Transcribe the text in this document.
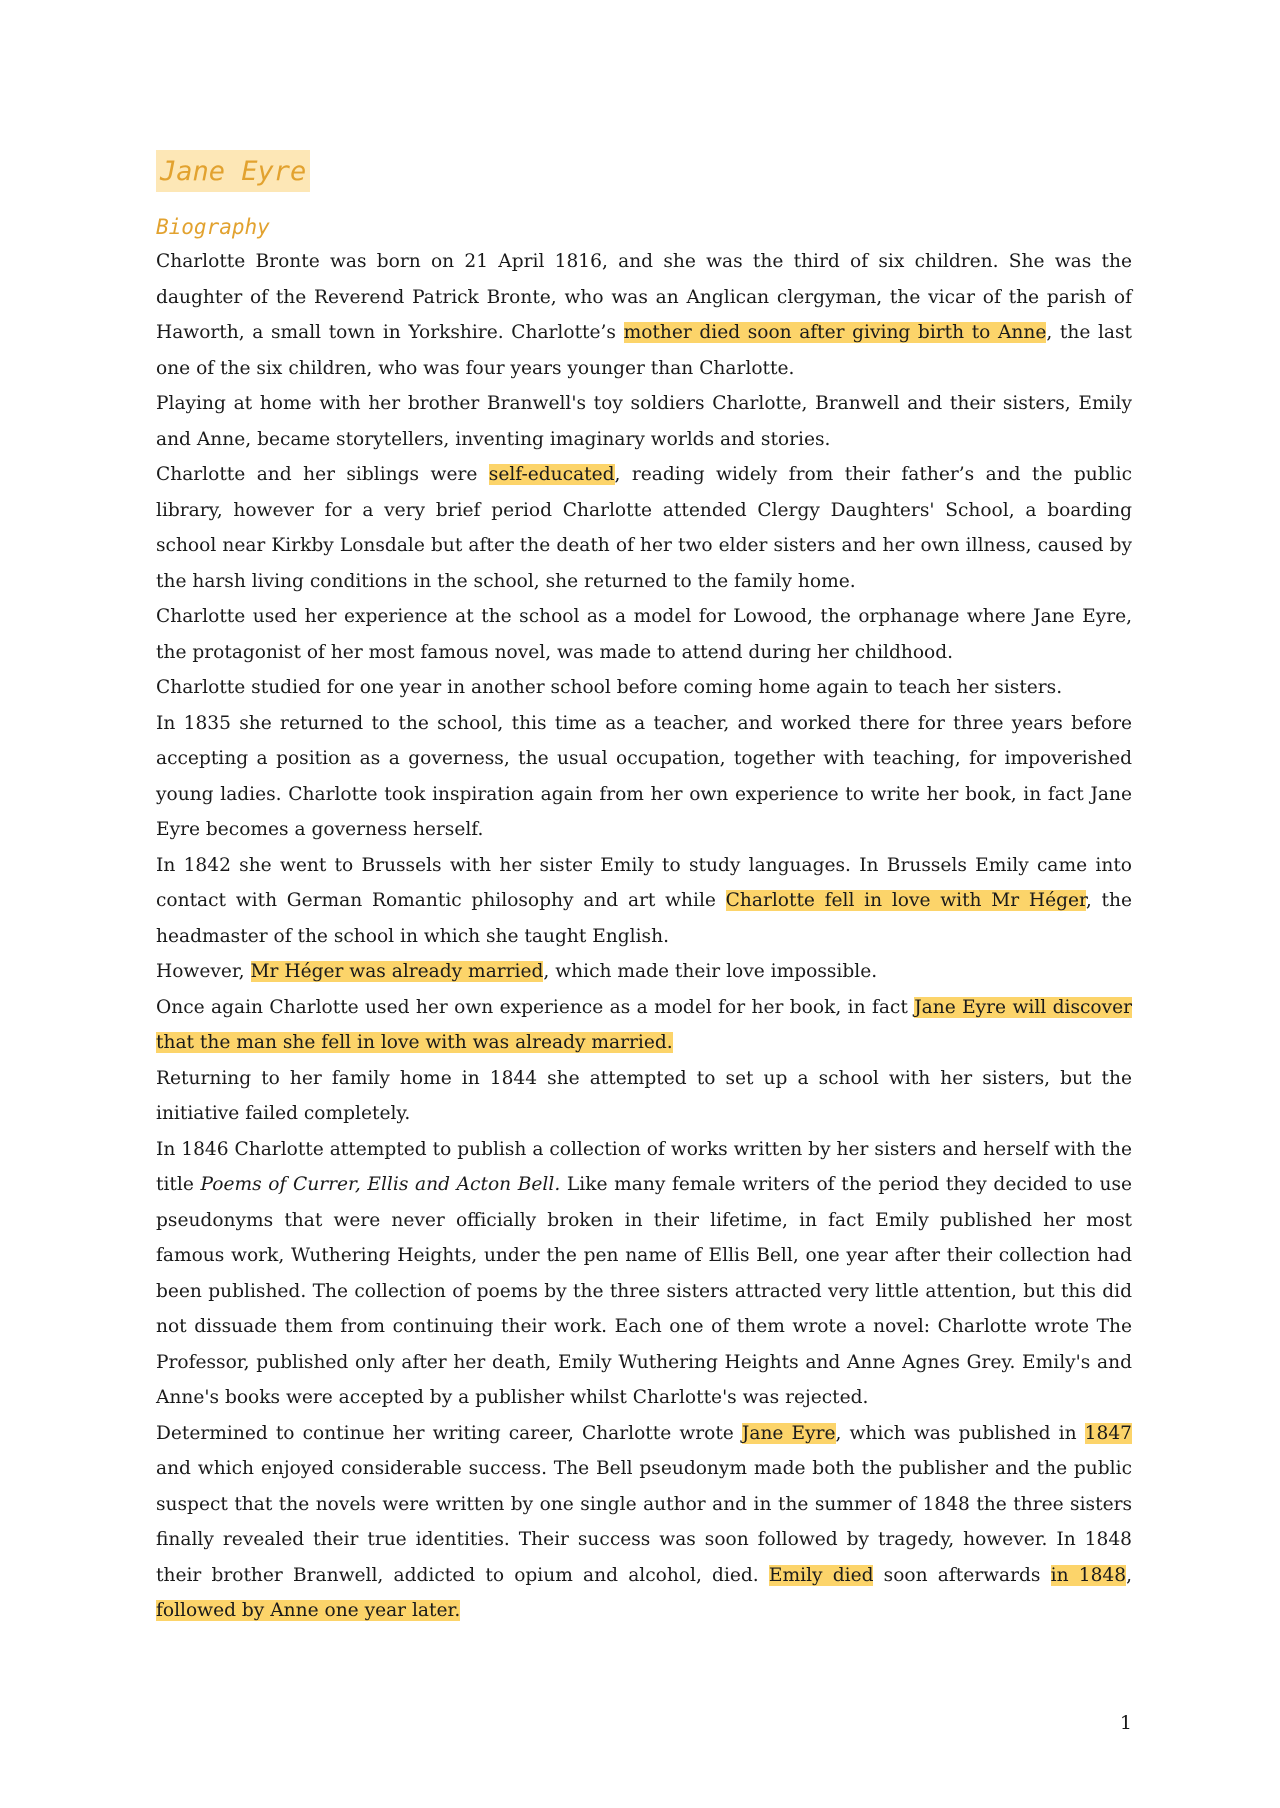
Jane Eyre
Biography

Charlotte Bronte was born on 21 April 1816, and she was the third of six children. She was the daughter of the Reverend Patrick Bronte, who was an Anglican clergyman, the vicar of the parish of Haworth, a small town in Yorkshire. Charlotte’s mother died soon after giving birth to Anne, the last one of the six children, who was four years younger than Charlotte.

Playing at home with her brother Branwell's toy soldiers Charlotte, Branwell and their sisters, Emily and Anne, became storytellers, inventing imaginary worlds and stories.

Charlotte and her siblings were self-educated, reading widely from their father’s and the public library, however for a very brief period Charlotte attended Clergy Daughters' School, a boarding school near Kirkby Lonsdale but after the death of her two elder sisters and her own illness, caused by the harsh living conditions in the school, she returned to the family home.

Charlotte used her experience at the school as a model for Lowood, the orphanage where Jane Eyre, the protagonist of her most famous novel, was made to attend during her childhood.

Charlotte studied for one year in another school before coming home again to teach her sisters.

In 1835 she returned to the school, this time as a teacher, and worked there for three years before accepting a position as a governess, the usual occupation, together with teaching, for impoverished young ladies. Charlotte took inspiration again from her own experience to write her book, in fact Jane Eyre becomes a governess herself.

In 1842 she went to Brussels with her sister Emily to study languages. In Brussels Emily came into contact with German Romantic philosophy and art while Charlotte fell in love with Mr Héger, the headmaster of the school in which she taught English.

However, Mr Héger was already married, which made their love impossible.

Once again Charlotte used her own experience as a model for her book, in fact Jane Eyre will discover that the man she fell in love with was already married.

Returning to her family home in 1844 she attempted to set up a school with her sisters, but the initiative failed completely.

In 1846 Charlotte attempted to publish a collection of works written by her sisters and herself with the title Poems of Currer, Ellis and Acton Bell. Like many female writers of the period they decided to use pseudonyms that were never officially broken in their lifetime, in fact Emily published her most famous work, Wuthering Heights, under the pen name of Ellis Bell, one year after their collection had been published. The collection of poems by the three sisters attracted very little attention, but this did not dissuade them from continuing their work. Each one of them wrote a novel: Charlotte wrote The Professor, published only after her death, Emily Wuthering Heights and Anne Agnes Grey. Emily's and Anne's books were accepted by a publisher whilst Charlotte's was rejected.

Determined to continue her writing career, Charlotte wrote Jane Eyre, which was published in 1847 and which enjoyed considerable success. The Bell pseudonym made both the publisher and the public suspect that the novels were written by one single author and in the summer of 1848 the three sisters finally revealed their true identities. Their success was soon followed by tragedy, however. In 1848 their brother Branwell, addicted to opium and alcohol, died. Emily died soon afterwards in 1848, followed by Anne one year later.

1
